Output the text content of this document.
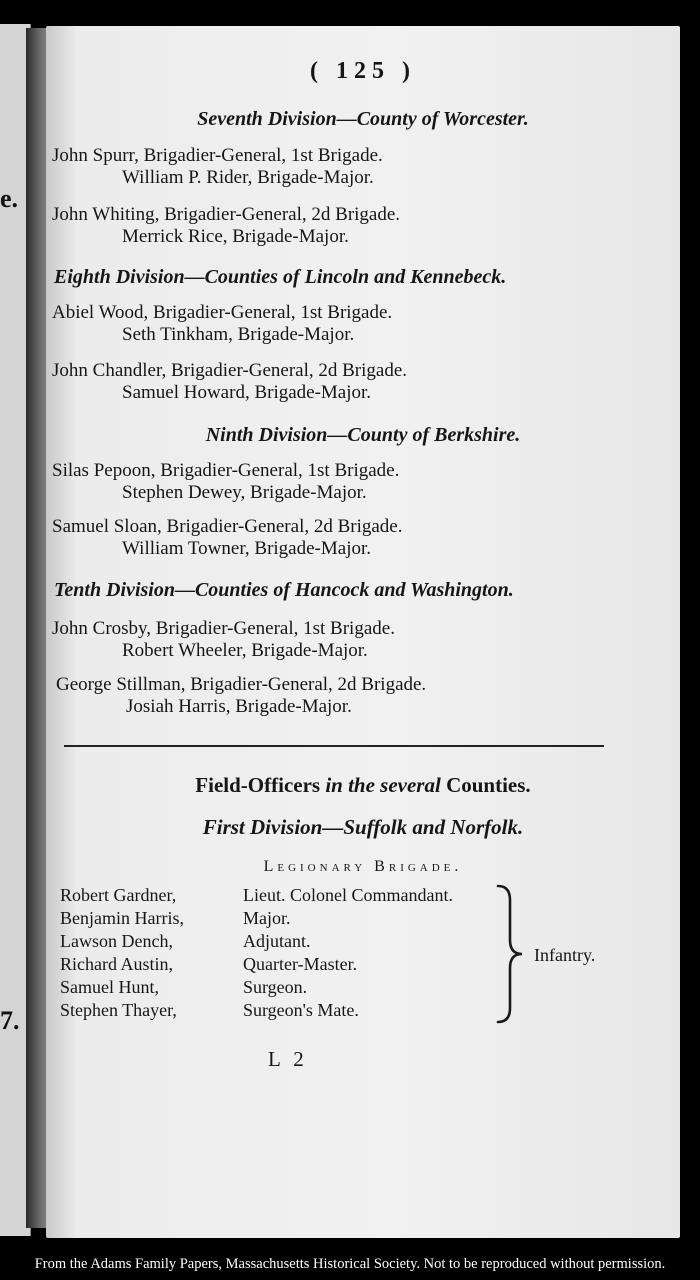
e.
7.
( 125 )
Seventh Division—County of Worcester.
John Spurr, Brigadier-General, 1st Brigade.
William P. Rider, Brigade-Major.
John Whiting, Brigadier-General, 2d Brigade.
Merrick Rice, Brigade-Major.
Eighth Division—Counties of Lincoln and Kennebeck.
Abiel Wood, Brigadier-General, 1st Brigade.
Seth Tinkham, Brigade-Major.
John Chandler, Brigadier-General, 2d Brigade.
Samuel Howard, Brigade-Major.
Ninth Division—County of Berkshire.
Silas Pepoon, Brigadier-General, 1st Brigade.
Stephen Dewey, Brigade-Major.
Samuel Sloan, Brigadier-General, 2d Brigade.
William Towner, Brigade-Major.
Tenth Division—Counties of Hancock and Washington.
John Crosby, Brigadier-General, 1st Brigade.
Robert Wheeler, Brigade-Major.
George Stillman, Brigadier-General, 2d Brigade.
Josiah Harris, Brigade-Major.
Field-Officers in the several Counties.
First Division—Suffolk and Norfolk.
Legionary Brigade.
Robert Gardner,	Lieut. Colonel Commandant.
Benjamin Harris,	Major.
Lawson Dench,	Adjutant.
Richard Austin,	Quarter-Master.
Samuel Hunt,	Surgeon.
Stephen Thayer,	Surgeon's Mate.
Infantry.
L 2
From the Adams Family Papers, Massachusetts Historical Society. Not to be reproduced without permission.
